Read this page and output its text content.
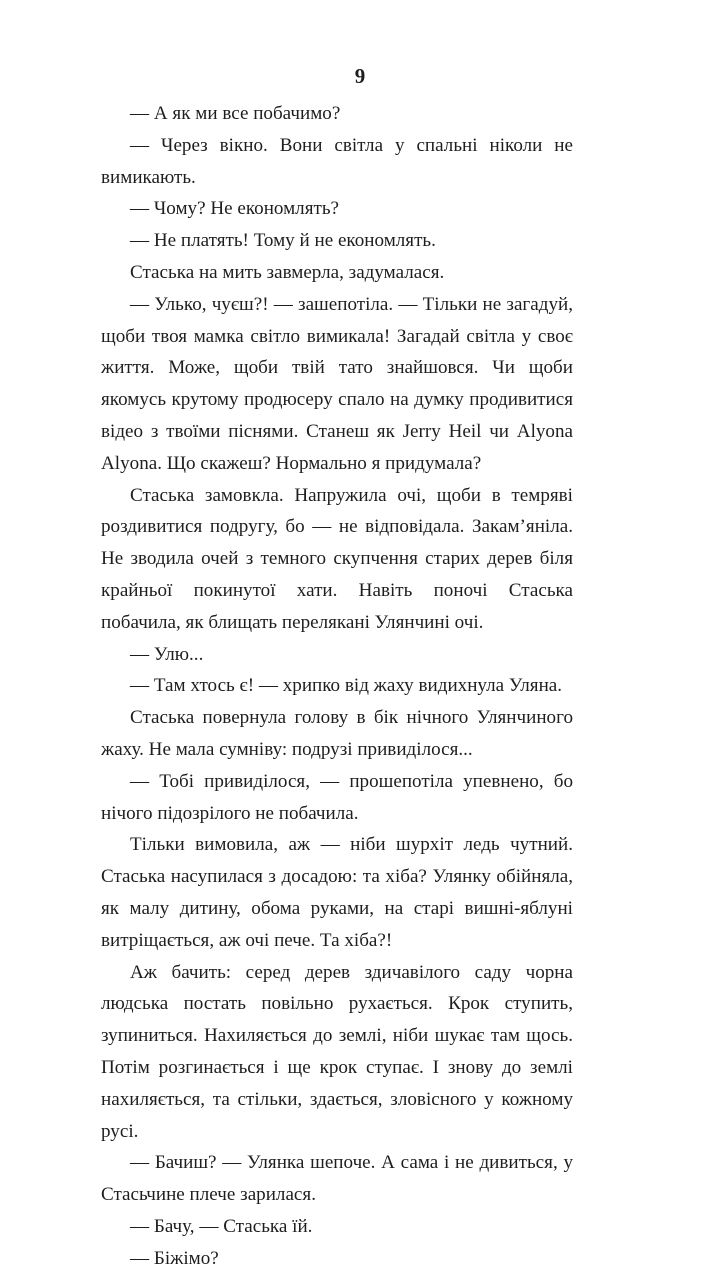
9

— А як ми все побачимо?

— Через вікно. Вони світла у спальні ніколи не вимикають.

— Чому? Не економлять?

— Не платять! Тому й не економлять.

Стаська на мить завмерла, задумалася.

— Улько, чуєш?! — зашепотіла. — Тільки не загадуй, щоби твоя мамка світло вимикала! Загадай світла у своє життя. Може, щоби твій тато знайшовся. Чи щоби якомусь крутому продюсеру спало на думку продивитися відео з твоїми піснями. Станеш як Jerry Heil чи Alyona Alyona. Що скажеш? Нормально я придумала?

Стаська замовкла. Напружила очі, щоби в темряві роздивитися подругу, бо — не відповідала. Закам’яніла. Не зводила очей з темного скупчення старих дерев біля крайньої покинутої хати. Навіть поночі Стаська побачила, як блищать перелякані Улянчині очі.

— Улю...

— Там хтось є! — хрипко від жаху видихнула Уляна.

Стаська повернула голову в бік нічного Улянчиного жаху. Не мала сумніву: подрузі привиділося...

— Тобі привиділося, — прошепотіла упевнено, бо нічого підозрілого не побачила.

Тільки вимовила, аж — ніби шурхіт ледь чутний. Стаська насупилася з досадою: та хіба? Улянку обійняла, як малу дитину, обома руками, на старі вишні-яблуні витріщається, аж очі пече. Та хіба?!

Аж бачить: серед дерев здичавілого саду чорна людська постать повільно рухається. Крок ступить, зупиниться. Нахиляється до землі, ніби шукає там щось. Потім розгинається і ще крок ступає. І знову до землі нахиляється, та стільки, здається, зловісного у кожному русі.

— Бачиш? — Улянка шепоче. А сама і не дивиться, у Стасьчине плече зарилася.

— Бачу, — Стаська їй.

— Біжімо?
